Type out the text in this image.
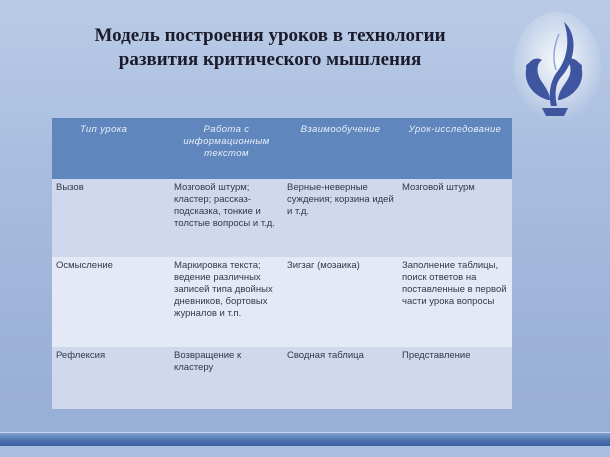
Модель построения уроков в технологии
развития критического мышления
Тип урока	Работа с информационным текстом	Взаимообучение	Урок-исследование
Вызов	Мозговой штурм; кластер; рассказ-подсказка, тонкие и толстые вопросы и т.д.	Верные-неверные суждения; корзина идей и т.д.	Мозговой штурм
Осмысление	Маркировка текста; ведение различных записей типа двойных дневников, бортовых журналов и т.п.	Зигзаг (мозаика)	Заполнение таблицы, поиск ответов на поставленные в первой части урока вопросы
Рефлексия	Возвращение к кластеру	Сводная таблица	Представление
